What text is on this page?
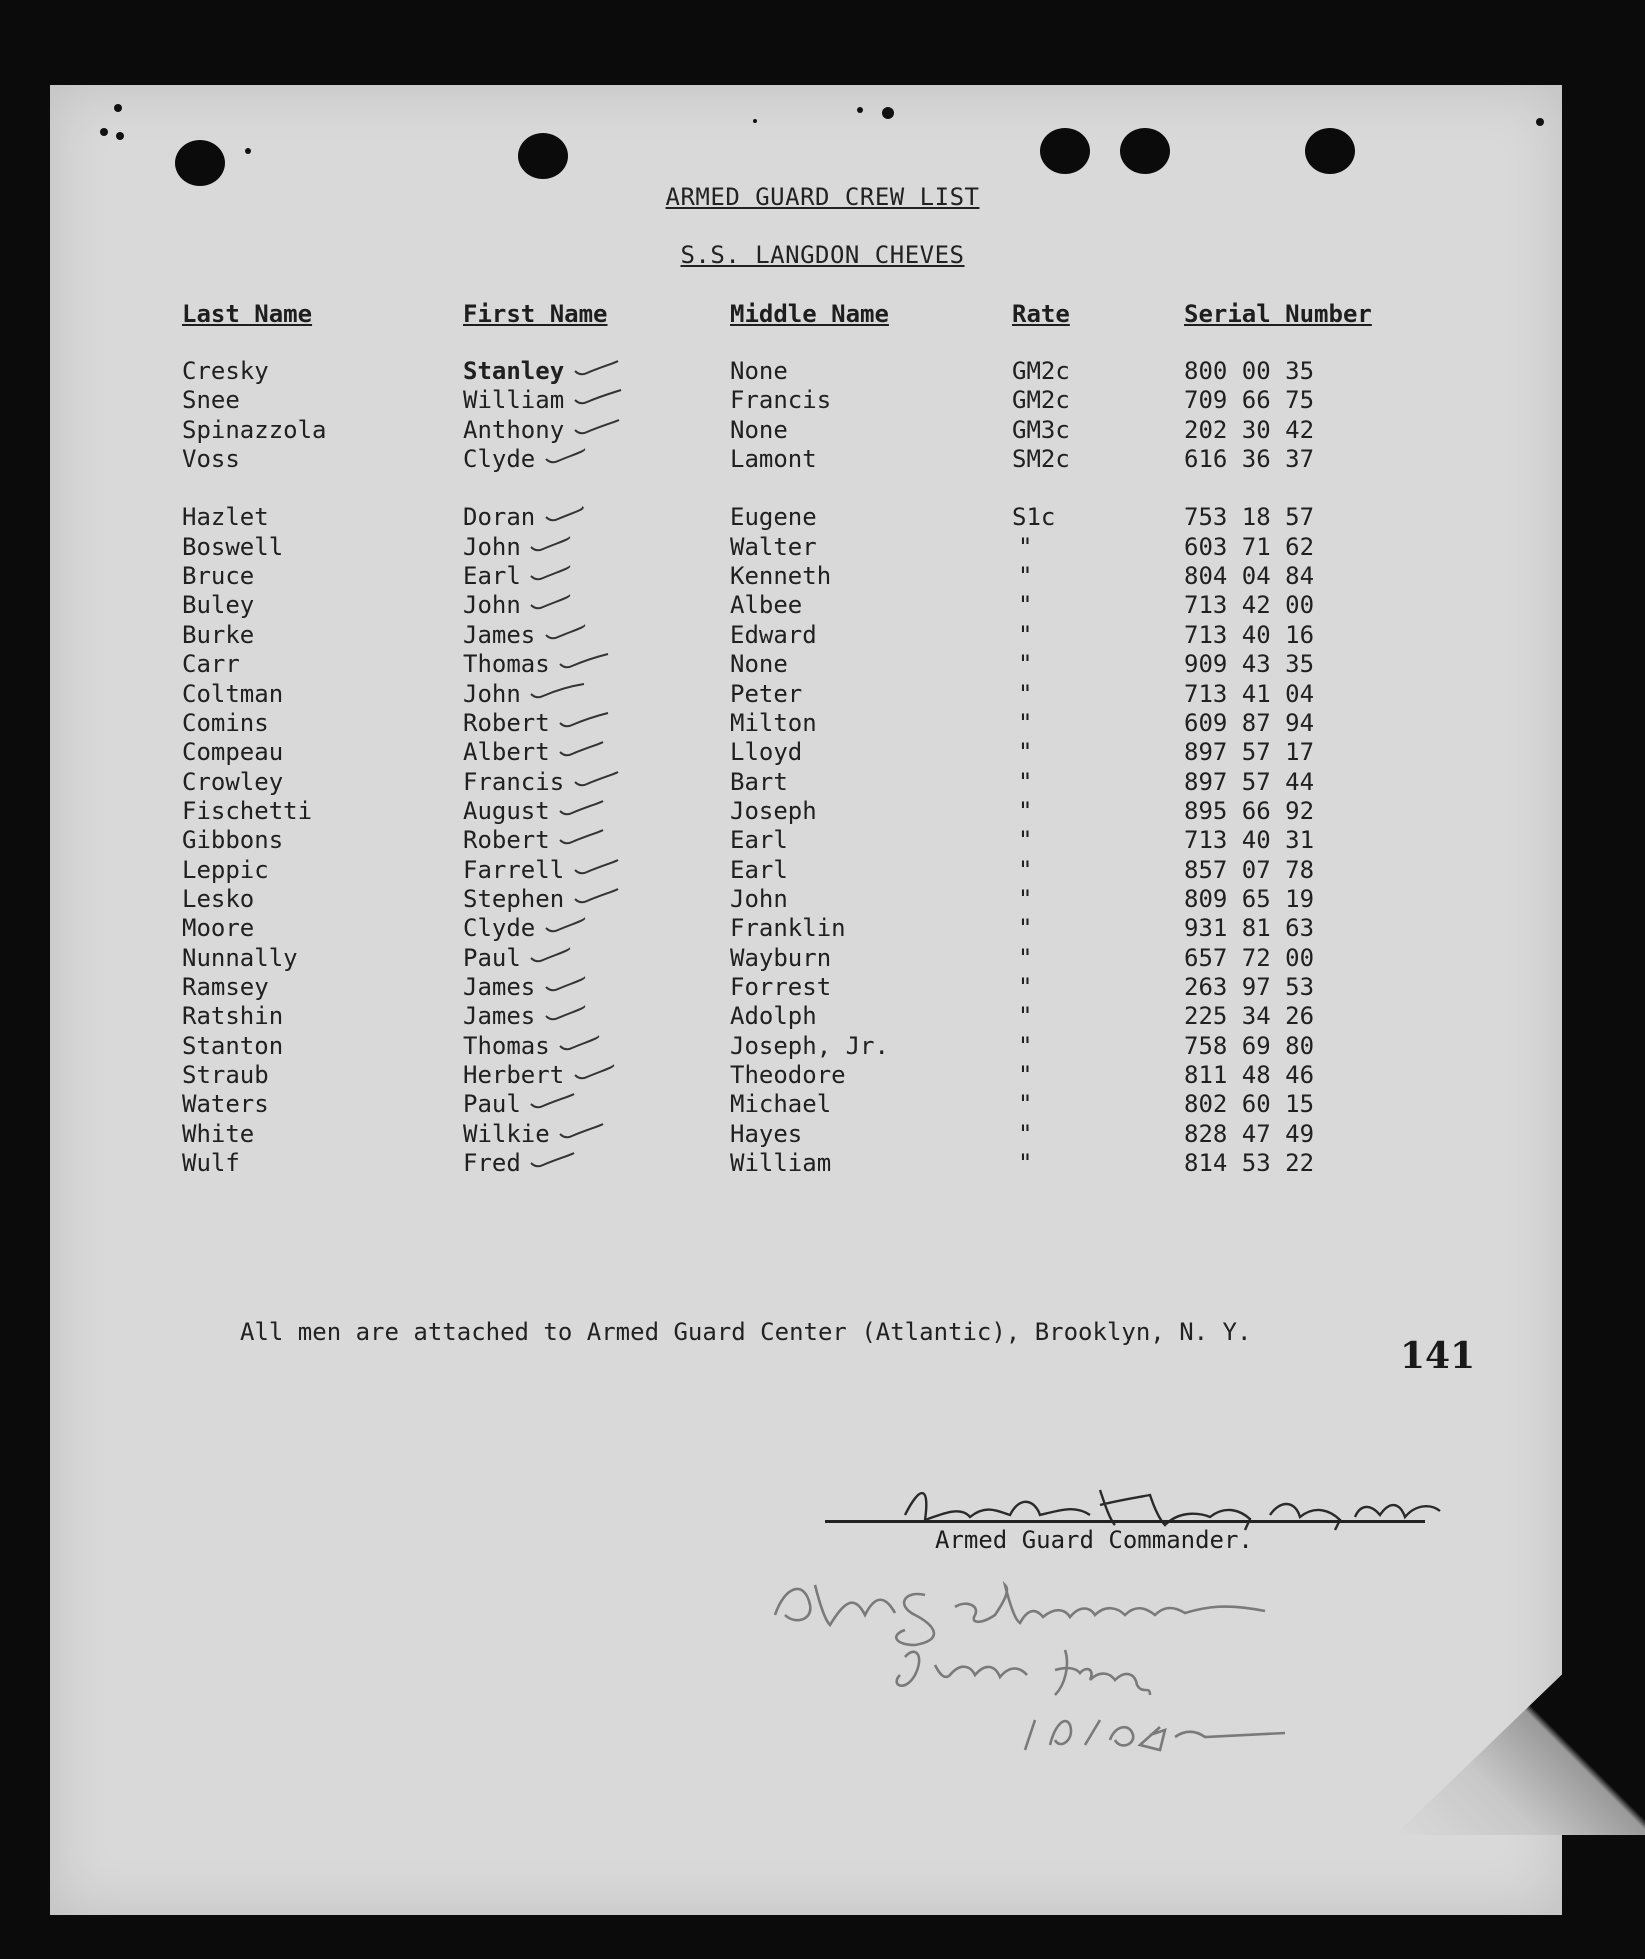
ARMED GUARD CREW LIST
S.S. LANGDON CHEVES
Last Name	First Name	Middle Name	Rate	Serial Number
Cresky	Stanley	None	GM2c	800 00 35
Snee	William	Francis	GM2c	709 66 75
Spinazzola	Anthony	None	GM3c	202 30 42
Voss	Clyde	Lamont	SM2c	616 36 37
Hazlet	Doran	Eugene	S1c	753 18 57
Boswell	John	Walter	"	603 71 62
Bruce	Earl	Kenneth	"	804 04 84
Buley	John	Albee	"	713 42 00
Burke	James	Edward	"	713 40 16
Carr	Thomas	None	"	909 43 35
Coltman	John	Peter	"	713 41 04
Comins	Robert	Milton	"	609 87 94
Compeau	Albert	Lloyd	"	897 57 17
Crowley	Francis	Bart	"	897 57 44
Fischetti	August	Joseph	"	895 66 92
Gibbons	Robert	Earl	"	713 40 31
Leppic	Farrell	Earl	"	857 07 78
Lesko	Stephen	John	"	809 65 19
Moore	Clyde	Franklin	"	931 81 63
Nunnally	Paul	Wayburn	"	657 72 00
Ramsey	James	Forrest	"	263 97 53
Ratshin	James	Adolph	"	225 34 26
Stanton	Thomas	Joseph, Jr.	"	758 69 80
Straub	Herbert	Theodore	"	811 48 46
Waters	Paul	Michael	"	802 60 15
White	Wilkie	Hayes	"	828 47 49
Wulf	Fred	William	"	814 53 22
All men are attached to Armed Guard Center (Atlantic), Brooklyn, N. Y.
141
Armed Guard Commander.
